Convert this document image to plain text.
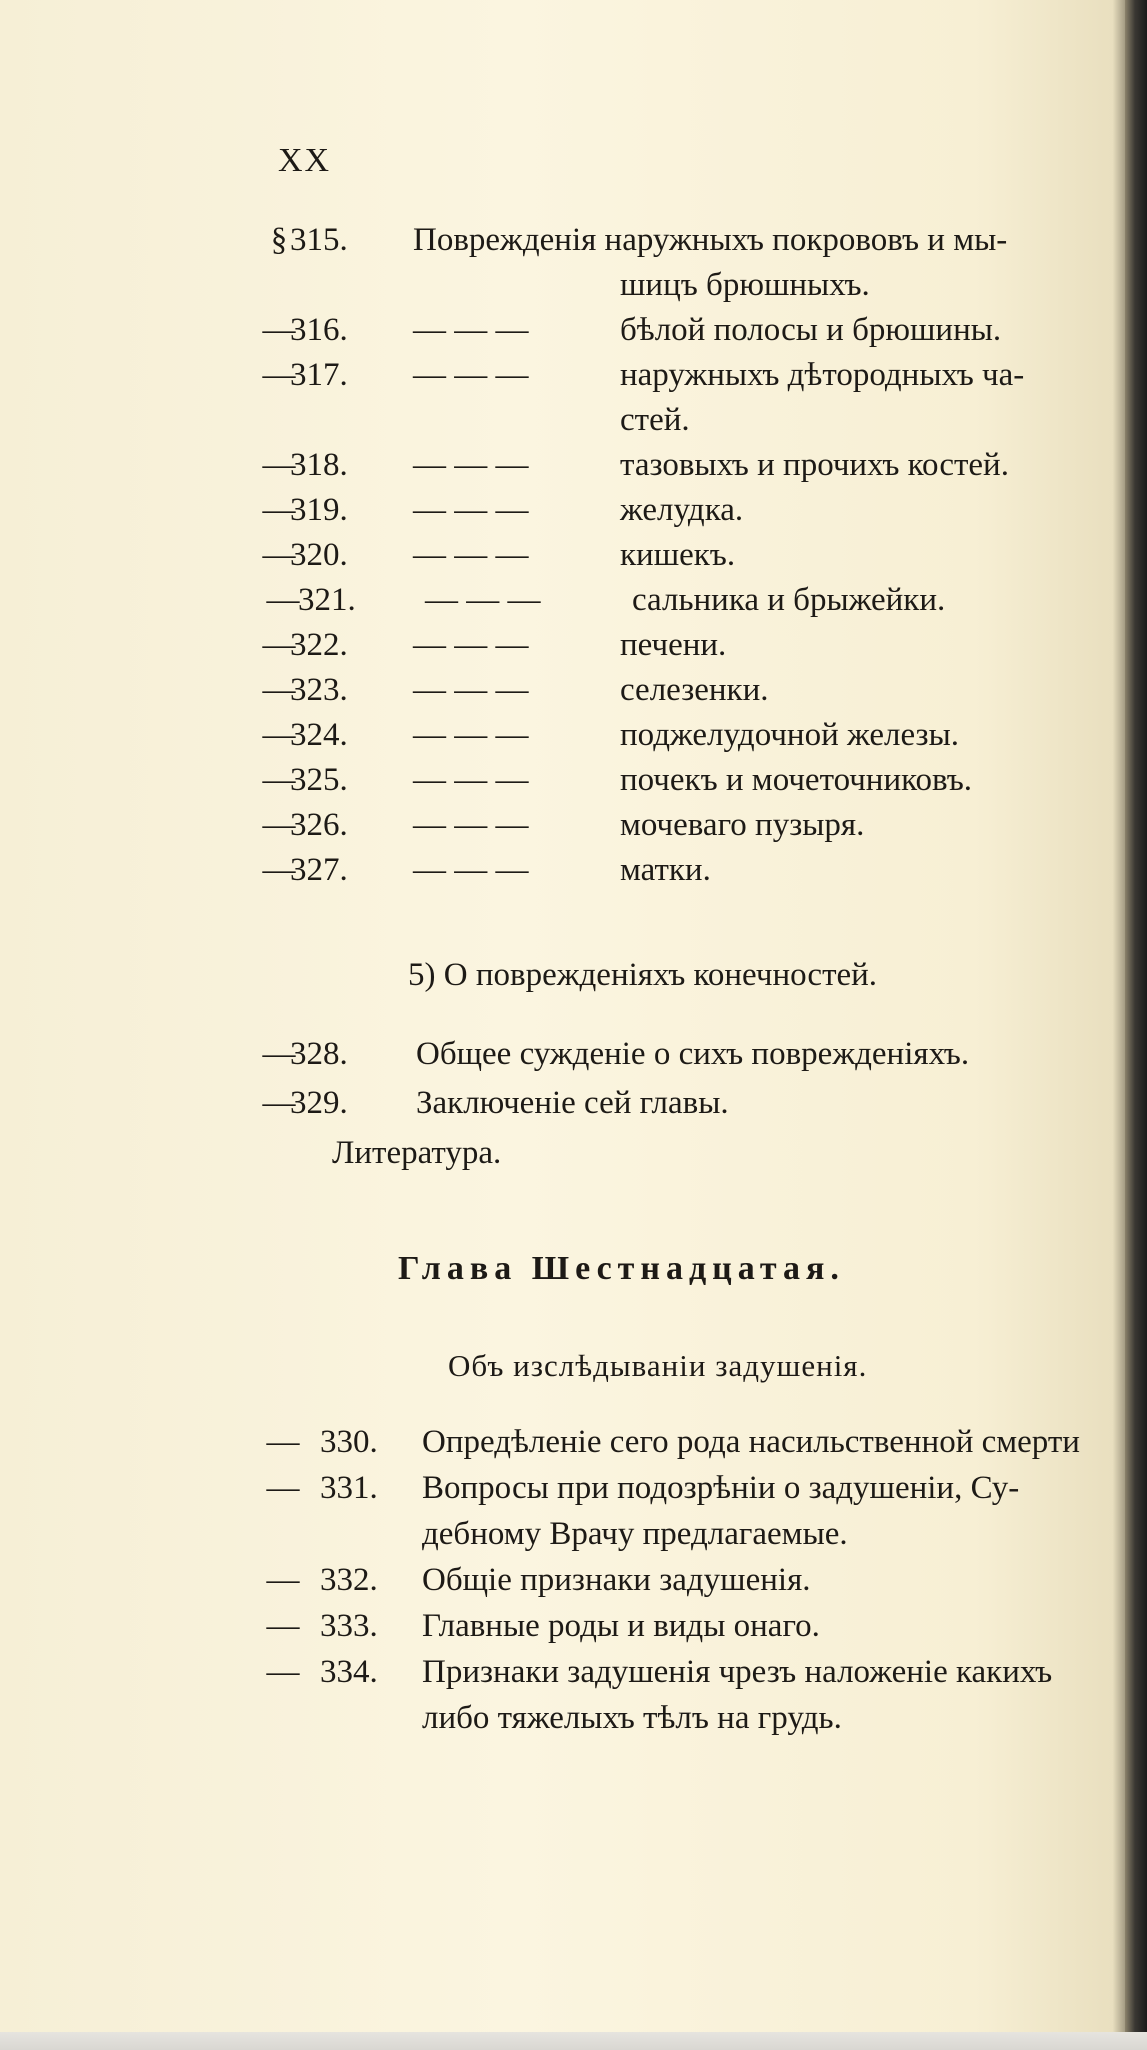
XX
§ 315. Поврежденія наружныхъ покрововъ и мы-
шицъ брюшныхъ.
—
316. — — —	бѣлой полосы и брюшины.
—
317. — — —	наружныхъ дѣтородныхъ ча-
стей.
—
318. — — —	тазовыхъ и прочихъ костей.
—
319. — — —	желудка.
—
320. — — —	кишекъ.
—
321. — — —	сальника и брыжейки.
—
322. — — —	печени.
—
323. — — —	селезенки.
—
324. — — —	поджелудочной железы.
—
325. — — —	почекъ и мочеточниковъ.
—
326. — — —	мочеваго пузыря.
—
327. — — —	матки.
5) О поврежденіяхъ конечностей.
—
328. Общее сужденіе о сихъ поврежденіяхъ.
—
329. Заключеніе сей главы.
Литература.
Глава Шестнадцатая.
Объ изслѣдываніи задушенія.
— 330. Опредѣленіе сего рода насильственной смерти
— 331. Вопросы при подозрѣніи о задушеніи, Су-
дебному Врачу предлагаемые.
— 332. Общіе признаки задушенія.
— 333. Главные роды и виды онаго.
— 334. Признаки задушенія чрезъ наложеніе какихъ
либо тяжелыхъ тѣлъ на грудь.
